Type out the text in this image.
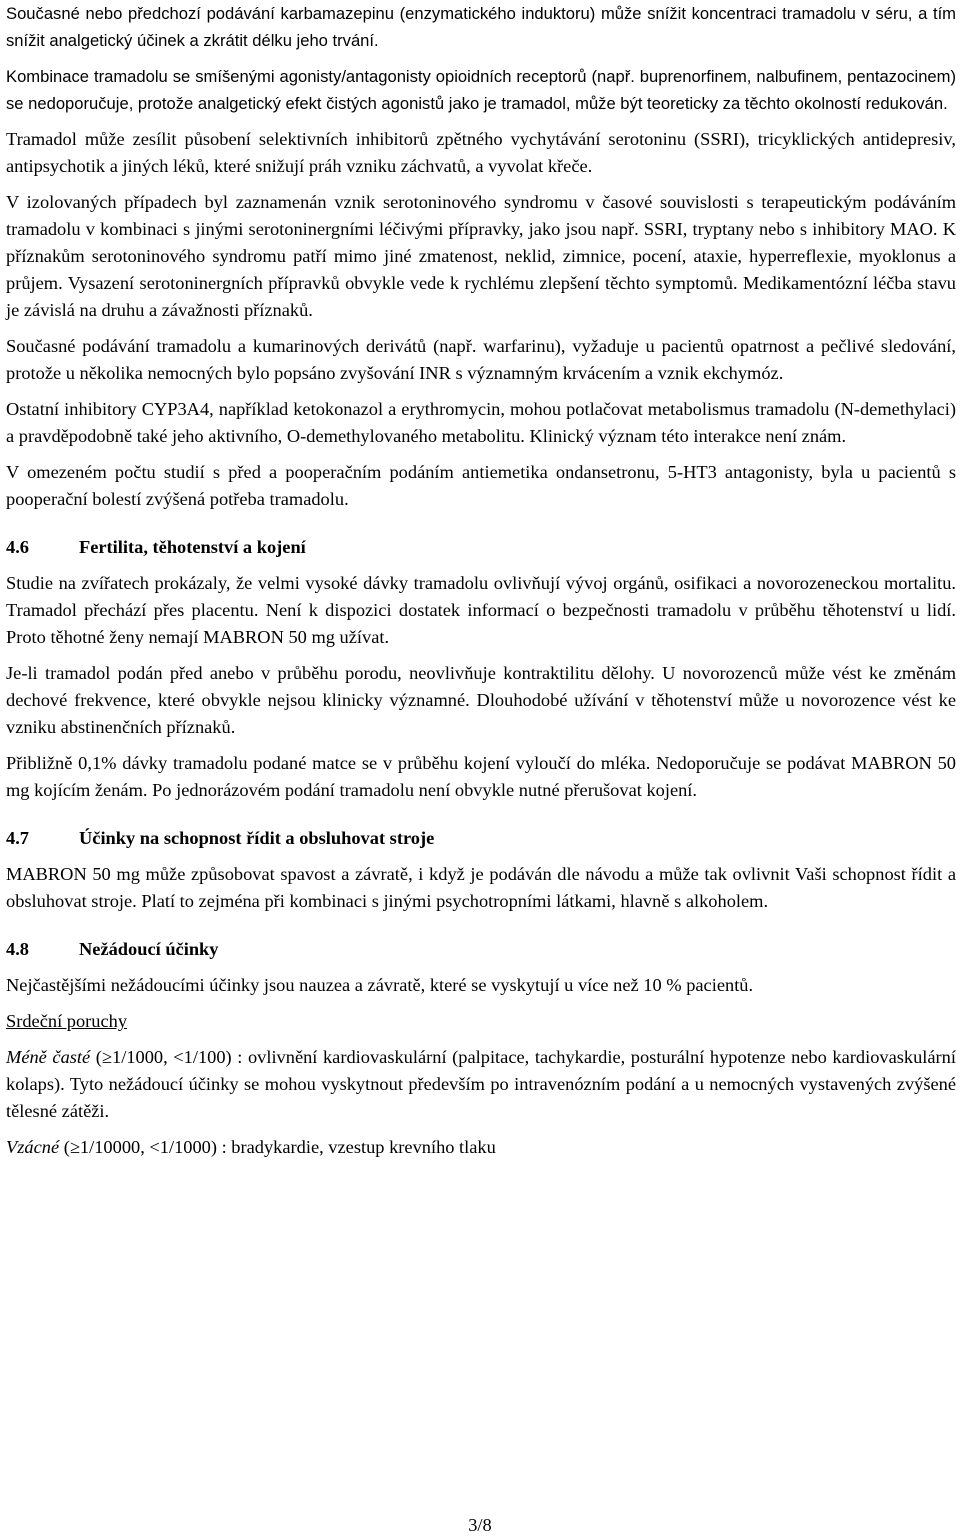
Současné nebo předchozí podávání karbamazepinu (enzymatického induktoru) může snížit koncentraci tramadolu v séru, a tím snížit analgetický účinek a zkrátit délku jeho trvání.

Kombinace tramadolu se smíšenými agonisty/antagonisty opioidních receptorů (např. buprenorfinem, nalbufinem, pentazocinem) se nedoporučuje, protože analgetický efekt čistých agonistů jako je tramadol, může být teoreticky za těchto okolností redukován.

Tramadol může zesílit působení selektivních inhibitorů zpětného vychytávání serotoninu (SSRI), tricyklických antidepresiv, antipsychotik a jiných léků, které snižují práh vzniku záchvatů, a vyvolat křeče.

V izolovaných případech byl zaznamenán vznik serotoninového syndromu v časové souvislosti s terapeutickým podáváním tramadolu v kombinaci s jinými serotoninergními léčivými přípravky, jako jsou např. SSRI, tryptany nebo s inhibitory MAO. K příznakům serotoninového syndromu patří mimo jiné zmatenost, neklid, zimnice, pocení, ataxie, hyperreflexie, myoklonus a průjem. Vysazení serotoninergních přípravků obvykle vede k rychlému zlepšení těchto symptomů. Medikamentózní léčba stavu je závislá na druhu a závažnosti příznaků.

Současné podávání tramadolu a kumarinových derivátů (např. warfarinu), vyžaduje u pacientů opatrnost a pečlivé sledování, protože u několika nemocných bylo popsáno zvyšování INR s významným krvácením a vznik ekchymóz.

Ostatní inhibitory CYP3A4, například ketokonazol a erythromycin, mohou potlačovat metabolismus tramadolu (N-demethylaci) a pravděpodobně také jeho aktivního, O-demethylovaného metabolitu. Klinický význam této interakce není znám.

V omezeném počtu studií s před a pooperačním podáním antiemetika ondansetronu, 5-HT3 antagonisty, byla u pacientů s pooperační bolestí zvýšená potřeba tramadolu.

4.6	Fertilita, těhotenství a kojení

Studie na zvířatech prokázaly, že velmi vysoké dávky tramadolu ovlivňují vývoj orgánů, osifikaci a novorozeneckou mortalitu. Tramadol přechází přes placentu. Není k dispozici dostatek informací o bezpečnosti tramadolu v průběhu těhotenství u lidí. Proto těhotné ženy nemají MABRON 50 mg užívat.

Je-li tramadol podán před anebo v průběhu porodu, neovlivňuje kontraktilitu dělohy. U novorozenců může vést ke změnám dechové frekvence, které obvykle nejsou klinicky významné. Dlouhodobé užívání v těhotenství může u novorozence vést ke vzniku abstinenčních příznaků.

Přibližně 0,1% dávky tramadolu podané matce se v průběhu kojení vyloučí do mléka. Nedoporučuje se podávat MABRON 50 mg kojícím ženám. Po jednorázovém podání tramadolu není obvykle nutné přerušovat kojení.

4.7	Účinky na schopnost řídit a obsluhovat stroje

MABRON 50 mg může způsobovat spavost a závratě, i když je podáván dle návodu a může tak ovlivnit Vaši schopnost řídit a obsluhovat stroje. Platí to zejména při kombinaci s jinými psychotropními látkami, hlavně s alkoholem.

4.8	Nežádoucí účinky

Nejčastějšími nežádoucími účinky jsou nauzea a závratě, které se vyskytují u více než 10 % pacientů.

Srdeční poruchy

Méně časté (≥1/1000, <1/100) : ovlivnění kardiovaskulární (palpitace, tachykardie, posturální hypotenze nebo kardiovaskulární kolaps). Tyto nežádoucí účinky se mohou vyskytnout především po intravenózním podání a u nemocných vystavených zvýšené tělesné zátěži.

Vzácné (≥1/10000, <1/1000) : bradykardie, vzestup krevního tlaku

3/8
